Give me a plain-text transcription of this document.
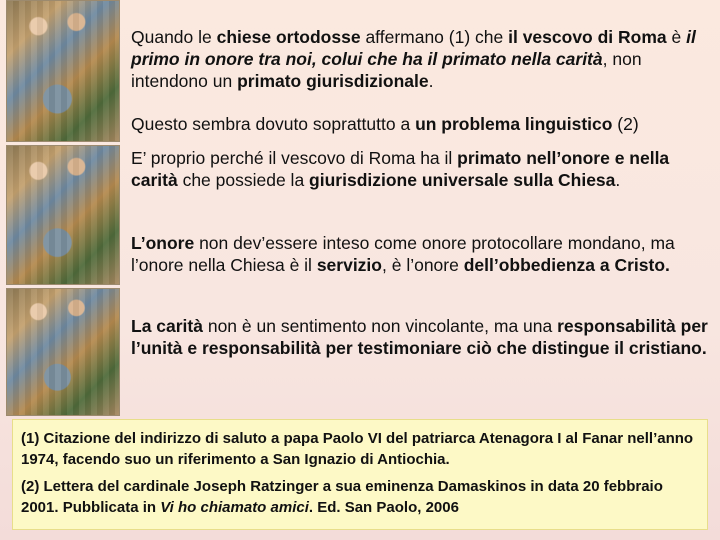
Quando le chiese ortodosse affermano (1) che il vescovo di Roma è il primo in onore tra noi, colui che ha il primato nella carità, non intendono un primato giurisdizionale.

Questo sembra dovuto soprattutto a un problema linguistico (2)

E’ proprio perché il vescovo di Roma ha il primato nell’onore e nella carità che possiede la giurisdizione universale sulla Chiesa.

L’onore non dev’essere inteso come onore protocollare mondano, ma l’onore nella Chiesa è il servizio, è l’onore dell’obbedienza a Cristo.

La carità non è un sentimento non vincolante, ma una responsabilità per l’unità e responsabilità per testimoniare ciò che distingue il cristiano.

(1) Citazione del indirizzo di saluto a papa Paolo VI del patriarca Atenagora I al Fanar nell’anno 1974, facendo suo un riferimento a San Ignazio di Antiochia.

(2) Lettera del cardinale Joseph Ratzinger a sua eminenza Damaskinos in data 20 febbraio 2001. Pubblicata in Vi ho chiamato amici. Ed. San Paolo, 2006
